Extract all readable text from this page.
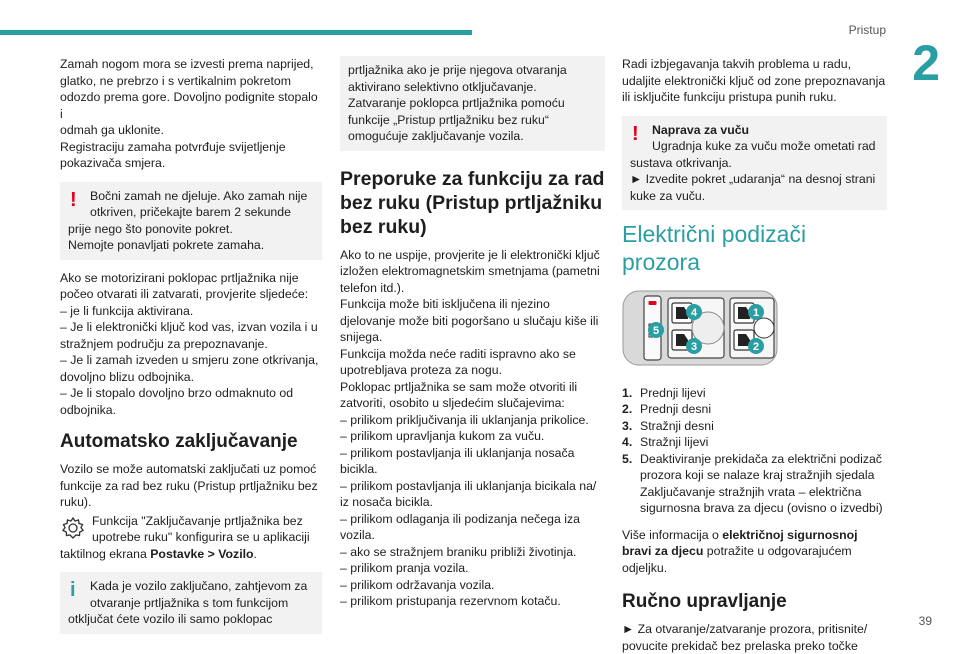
Pristup
2
39

Zamah nogom mora se izvesti prema naprijed,

glatko, ne prebrzo i s vertikalnim pokretom

odozdo prema gore. Dovoljno podignite stopalo i

odmah ga uklonite.

Registraciju zamaha potvrđuje svijetljenje

pokazivača smjera.

!	Bočni zamah ne djeluje. Ako zamah nije
otkriven, pričekajte barem 2 sekunde

prije nego što ponovite pokret.

Nemojte ponavljati pokrete zamaha.

Ako se motorizirani poklopac prtljažnika nije

počeo otvarati ili zatvarati, provjerite sljedeće:

– je li funkcija aktivirana.

– Je li elektronički ključ kod vas, izvan vozila i u

stražnjem području za prepoznavanje.

– Je li zamah izveden u smjeru zone otkrivanja,

dovoljno blizu odbojnika.

– Je li stopalo dovoljno brzo odmaknuto od

odbojnika.

Automatsko zaključavanje

Vozilo se može automatski zaključati uz pomoć

funkcije za rad bez ruku (Pristup prtljažniku bez

ruku).

Funkcija "Zaključavanje prtljažnika bez

upotrebe ruku" konfigurira se u aplikaciji

taktilnog ekrana Postavke > Vozilo.

i	Kada je vozilo zaključano, zahtjevom za
otvaranje prtljažnika s tom funkcijom

otključat ćete vozilo ili samo poklopac

prtljažnika ako je prije njegova otvaranja

aktivirano selektivno otključavanje.

Zatvaranje poklopca prtljažnika pomoću

funkcije „Pristup prtljažniku bez ruku“

omogućuje zaključavanje vozila.

Preporuke za funkciju za rad bez ruku (Pristup prtljažniku bez ruku)

Ako to ne uspije, provjerite je li elektronički ključ

izložen elektromagnetskim smetnjama (pametni

telefon itd.).

Funkcija može biti isključena ili njezino

djelovanje može biti pogoršano u slučaju kiše ili

snijega.

Funkcija možda neće raditi ispravno ako se

upotrebljava proteza za nogu.

Poklopac prtljažnika se sam može otvoriti ili

zatvoriti, osobito u sljedećim slučajevima:

– prilikom priključivanja ili uklanjanja prikolice.

– prilikom upravljanja kukom za vuču.

– prilikom postavljanja ili uklanjanja nosača

bicikla.

– prilikom postavljanja ili uklanjanja bicikala na/

iz nosača bicikla.

– prilikom odlaganja ili podizanja nečega iza

vozila.

– ako se stražnjem braniku približi životinja.

– prilikom pranja vozila.

– prilikom održavanja vozila.

– prilikom pristupanja rezervnom kotaču.

Radi izbjegavanja takvih problema u radu,

udaljite elektronički ključ od zone prepoznavanja

ili isključite funkciju pristupa punih ruku.

!	Naprava za vuču
Ugradnja kuke za vuču može ometati rad

sustava otkrivanja.

► Izvedite pokret „udaranja“ na desnoj strani

kuke za vuču.

Električni podizači prozora
4	1
5
3	2
1. Prednji lijevi
2. Prednji desni
3. Stražnji desni
4. Stražnji lijevi
5. Deaktiviranje prekidača za električni podizač prozora koji se nalaze kraj stražnjih sjedala Zaključavanje stražnjih vrata – električna sigurnosna brava za djecu (ovisno o izvedbi)

Više informacija o električnoj sigurnosnoj bravi za djecu potražite u odgovarajućem odjeljku.

Ručno upravljanje

► Za otvaranje/zatvaranje prozora, pritisnite/

povucite prekidač bez prelaska preko točke
